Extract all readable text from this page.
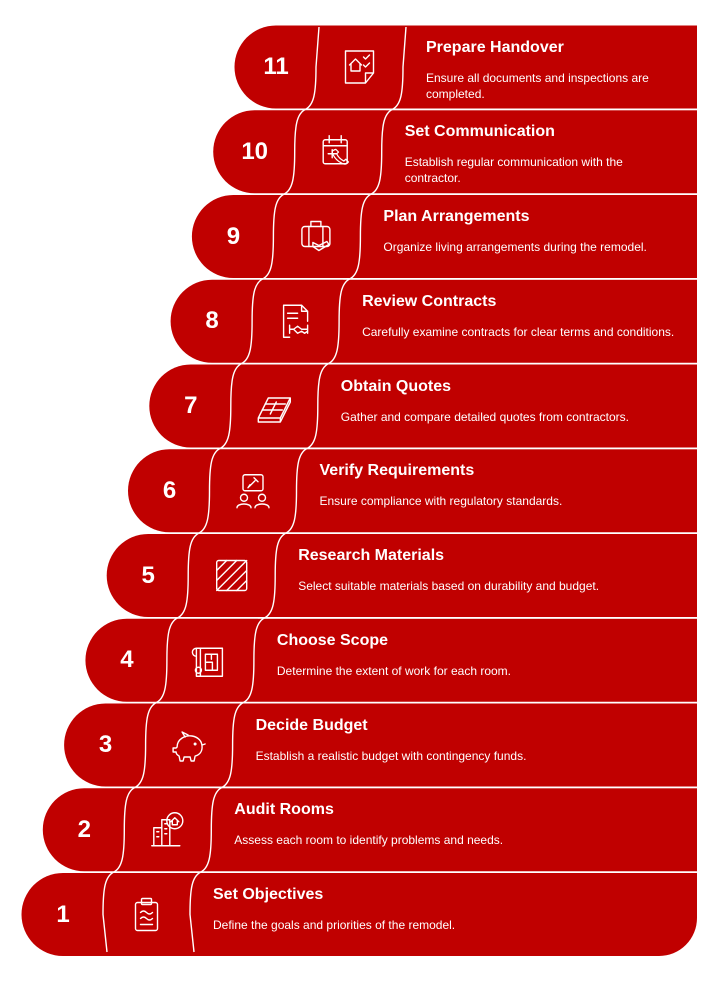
1
Set Objectives
Define the goals and priorities of the remodel.
2
Audit Rooms
Assess each room to identify problems and needs.
3
Decide Budget
Establish a realistic budget with contingency funds.
4
Choose Scope
Determine the extent of work for each room.
5
Research Materials
Select suitable materials based on durability and budget.
6
Verify Requirements
Ensure compliance with regulatory standards.
7
Obtain Quotes
Gather and compare detailed quotes from contractors.
8
Review Contracts
Carefully examine contracts for clear terms and conditions.
9
Plan Arrangements
Organize living arrangements during the remodel.
10
Set Communication
Establish regular communication with the contractor.
11
Prepare Handover
Ensure all documents and inspections are completed.
